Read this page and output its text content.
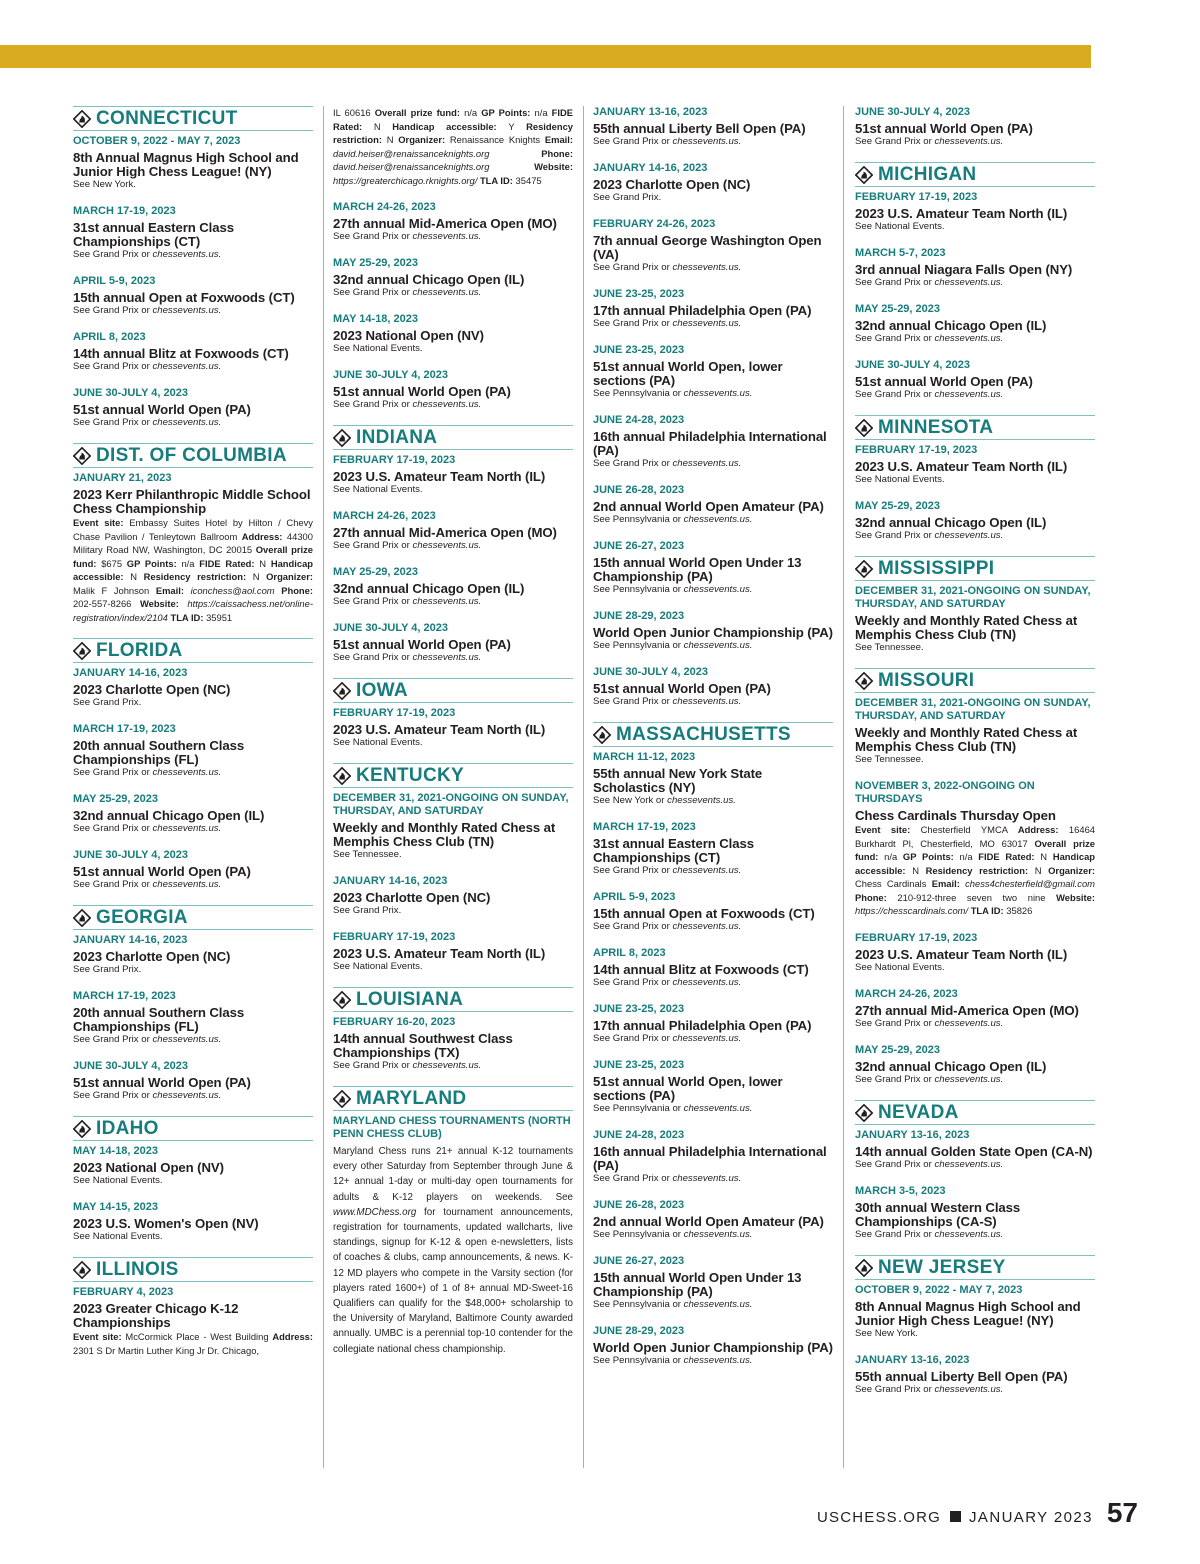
CONNECTICUT
OCTOBER 9, 2022 - MAY 7, 2023
8th Annual Magnus High School and Junior High Chess League! (NY)
See New York.
MARCH 17-19, 2023
31st annual Eastern Class Championships (CT)
See Grand Prix or chessevents.us.
APRIL 5-9, 2023
15th annual Open at Foxwoods (CT)
See Grand Prix or chessevents.us.
APRIL 8, 2023
14th annual Blitz at Foxwoods (CT)
See Grand Prix or chessevents.us.
JUNE 30-JULY 4, 2023
51st annual World Open (PA)
See Grand Prix or chessevents.us.
DIST. OF COLUMBIA
JANUARY 21, 2023
2023 Kerr Philanthropic Middle School Chess Championship
Event site: Embassy Suites Hotel by Hilton / Chevy Chase Pavilion / Tenleytown Ballroom Address: 44300 Military Road NW, Washington, DC 20015 Overall prize fund: $675 GP Points: n/a FIDE Rated: N Handicap accessible: N Residency restriction: N Organizer: Malik F Johnson Email: iconchess@aol.com Phone: 202-557-8266 Website: https://caissachess.net/online-registration/index/2104 TLA ID: 35951
FLORIDA
JANUARY 14-16, 2023
2023 Charlotte Open (NC)
See Grand Prix.
MARCH 17-19, 2023
20th annual Southern Class Championships (FL)
See Grand Prix or chessevents.us.
MAY 25-29, 2023
32nd annual Chicago Open (IL)
See Grand Prix or chessevents.us.
JUNE 30-JULY 4, 2023
51st annual World Open (PA)
See Grand Prix or chessevents.us.
GEORGIA
JANUARY 14-16, 2023
2023 Charlotte Open (NC)
See Grand Prix.
MARCH 17-19, 2023
20th annual Southern Class Championships (FL)
See Grand Prix or chessevents.us.
JUNE 30-JULY 4, 2023
51st annual World Open (PA)
See Grand Prix or chessevents.us.
IDAHO
MAY 14-18, 2023
2023 National Open (NV)
See National Events.
MAY 14-15, 2023
2023 U.S. Women's Open (NV)
See National Events.
ILLINOIS
FEBRUARY 4, 2023
2023 Greater Chicago K-12 Championships
Event site: McCormick Place - West Building Address: 2301 S Dr Martin Luther King Jr Dr. Chicago,
IL 60616 Overall prize fund: n/a GP Points: n/a FIDE Rated: N Handicap accessible: Y Residency restriction: N Organizer: Renaissance Knights Email: david.heiser@renaissanceknights.org Phone: david.heiser@renaissanceknights.org Website: https://greaterchicago.rknights.org/ TLA ID: 35475
MARCH 24-26, 2023
27th annual Mid-America Open (MO)
See Grand Prix or chessevents.us.
MAY 25-29, 2023
32nd annual Chicago Open (IL)
See Grand Prix or chessevents.us.
MAY 14-18, 2023
2023 National Open (NV)
See National Events.
JUNE 30-JULY 4, 2023
51st annual World Open (PA)
See Grand Prix or chessevents.us.
INDIANA
FEBRUARY 17-19, 2023
2023 U.S. Amateur Team North (IL)
See National Events.
MARCH 24-26, 2023
27th annual Mid-America Open (MO)
See Grand Prix or chessevents.us.
MAY 25-29, 2023
32nd annual Chicago Open (IL)
See Grand Prix or chessevents.us.
JUNE 30-JULY 4, 2023
51st annual World Open (PA)
See Grand Prix or chessevents.us.
IOWA
FEBRUARY 17-19, 2023
2023 U.S. Amateur Team North (IL)
See National Events.
KENTUCKY
DECEMBER 31, 2021-ONGOING ON SUNDAY, THURSDAY, AND SATURDAY
Weekly and Monthly Rated Chess at Memphis Chess Club (TN)
See Tennessee.
JANUARY 14-16, 2023
2023 Charlotte Open (NC)
See Grand Prix.
FEBRUARY 17-19, 2023
2023 U.S. Amateur Team North (IL)
See National Events.
LOUISIANA
FEBRUARY 16-20, 2023
14th annual Southwest Class Championships (TX)
See Grand Prix or chessevents.us.
MARYLAND
MARYLAND CHESS TOURNAMENTS (NORTH PENN CHESS CLUB)
Maryland Chess runs 21+ annual K-12 tournaments every other Saturday from September through June & 12+ annual 1-day or multi-day open tournaments for adults & K-12 players on weekends. See www.MDChess.org for tournament announcements, registration for tournaments, updated wallcharts, live standings, signup for K-12 & open e-newsletters, lists of coaches & clubs, camp announcements, & news. K-12 MD players who compete in the Varsity section (for players rated 1600+) of 1 of 8+ annual MD-Sweet-16 Qualifiers can qualify for the $48,000+ scholarship to the University of Maryland, Baltimore County awarded annually. UMBC is a perennial top-10 contender for the collegiate national chess championship.
JANUARY 13-16, 2023
55th annual Liberty Bell Open (PA)
See Grand Prix or chessevents.us.
JANUARY 14-16, 2023
2023 Charlotte Open (NC)
See Grand Prix.
FEBRUARY 24-26, 2023
7th annual George Washington Open (VA)
See Grand Prix or chessevents.us.
JUNE 23-25, 2023
17th annual Philadelphia Open (PA)
See Grand Prix or chessevents.us.
JUNE 23-25, 2023
51st annual World Open, lower sections (PA)
See Pennsylvania or chessevents.us.
JUNE 24-28, 2023
16th annual Philadelphia International (PA)
See Grand Prix or chessevents.us.
JUNE 26-28, 2023
2nd annual World Open Amateur (PA)
See Pennsylvania or chessevents.us.
JUNE 26-27, 2023
15th annual World Open Under 13 Championship (PA)
See Pennsylvania or chessevents.us.
JUNE 28-29, 2023
World Open Junior Championship (PA)
See Pennsylvania or chessevents.us.
JUNE 30-JULY 4, 2023
51st annual World Open (PA)
See Grand Prix or chessevents.us.
MASSACHUSETTS
MARCH 11-12, 2023
55th annual New York State Scholastics (NY)
See New York or chessevents.us.
MARCH 17-19, 2023
31st annual Eastern Class Championships (CT)
See Grand Prix or chessevents.us.
APRIL 5-9, 2023
15th annual Open at Foxwoods (CT)
See Grand Prix or chessevents.us.
APRIL 8, 2023
14th annual Blitz at Foxwoods (CT)
See Grand Prix or chessevents.us.
JUNE 23-25, 2023
17th annual Philadelphia Open (PA)
See Grand Prix or chessevents.us.
JUNE 23-25, 2023
51st annual World Open, lower sections (PA)
See Pennsylvania or chessevents.us.
JUNE 24-28, 2023
16th annual Philadelphia International (PA)
See Grand Prix or chessevents.us.
JUNE 26-28, 2023
2nd annual World Open Amateur (PA)
See Pennsylvania or chessevents.us.
JUNE 26-27, 2023
15th annual World Open Under 13 Championship (PA)
See Pennsylvania or chessevents.us.
JUNE 28-29, 2023
World Open Junior Championship (PA)
See Pennsylvania or chessevents.us.
JUNE 30-JULY 4, 2023
51st annual World Open (PA)
See Grand Prix or chessevents.us.
MICHIGAN
FEBRUARY 17-19, 2023
2023 U.S. Amateur Team North (IL)
See National Events.
MARCH 5-7, 2023
3rd annual Niagara Falls Open (NY)
See Grand Prix or chessevents.us.
MAY 25-29, 2023
32nd annual Chicago Open (IL)
See Grand Prix or chessevents.us.
JUNE 30-JULY 4, 2023
51st annual World Open (PA)
See Grand Prix or chessevents.us.
MINNESOTA
FEBRUARY 17-19, 2023
2023 U.S. Amateur Team North (IL)
See National Events.
MAY 25-29, 2023
32nd annual Chicago Open (IL)
See Grand Prix or chessevents.us.
MISSISSIPPI
DECEMBER 31, 2021-ONGOING ON SUNDAY, THURSDAY, AND SATURDAY
Weekly and Monthly Rated Chess at Memphis Chess Club (TN)
See Tennessee.
MISSOURI
DECEMBER 31, 2021-ONGOING ON SUNDAY, THURSDAY, AND SATURDAY
Weekly and Monthly Rated Chess at Memphis Chess Club (TN)
See Tennessee.
NOVEMBER 3, 2022-ONGOING ON THURSDAYS
Chess Cardinals Thursday Open
Event site: Chesterfield YMCA Address: 16464 Burkhardt Pl, Chesterfield, MO 63017 Overall prize fund: n/a GP Points: n/a FIDE Rated: N Handicap accessible: N Residency restriction: N Organizer: Chess Cardinals Email: chess4chesterfield@gmail.com Phone: 210-912-three seven two nine Website: https://chesscardinals.com/ TLA ID: 35826
FEBRUARY 17-19, 2023
2023 U.S. Amateur Team North (IL)
See National Events.
MARCH 24-26, 2023
27th annual Mid-America Open (MO)
See Grand Prix or chessevents.us.
MAY 25-29, 2023
32nd annual Chicago Open (IL)
See Grand Prix or chessevents.us.
NEVADA
JANUARY 13-16, 2023
14th annual Golden State Open (CA-N)
See Grand Prix or chessevents.us.
MARCH 3-5, 2023
30th annual Western Class Championships (CA-S)
See Grand Prix or chessevents.us.
NEW JERSEY
OCTOBER 9, 2022 - MAY 7, 2023
8th Annual Magnus High School and Junior High Chess League! (NY)
See New York.
JANUARY 13-16, 2023
55th annual Liberty Bell Open (PA)
See Grand Prix or chessevents.us.
USCHESS.ORG JANUARY 2023 57
